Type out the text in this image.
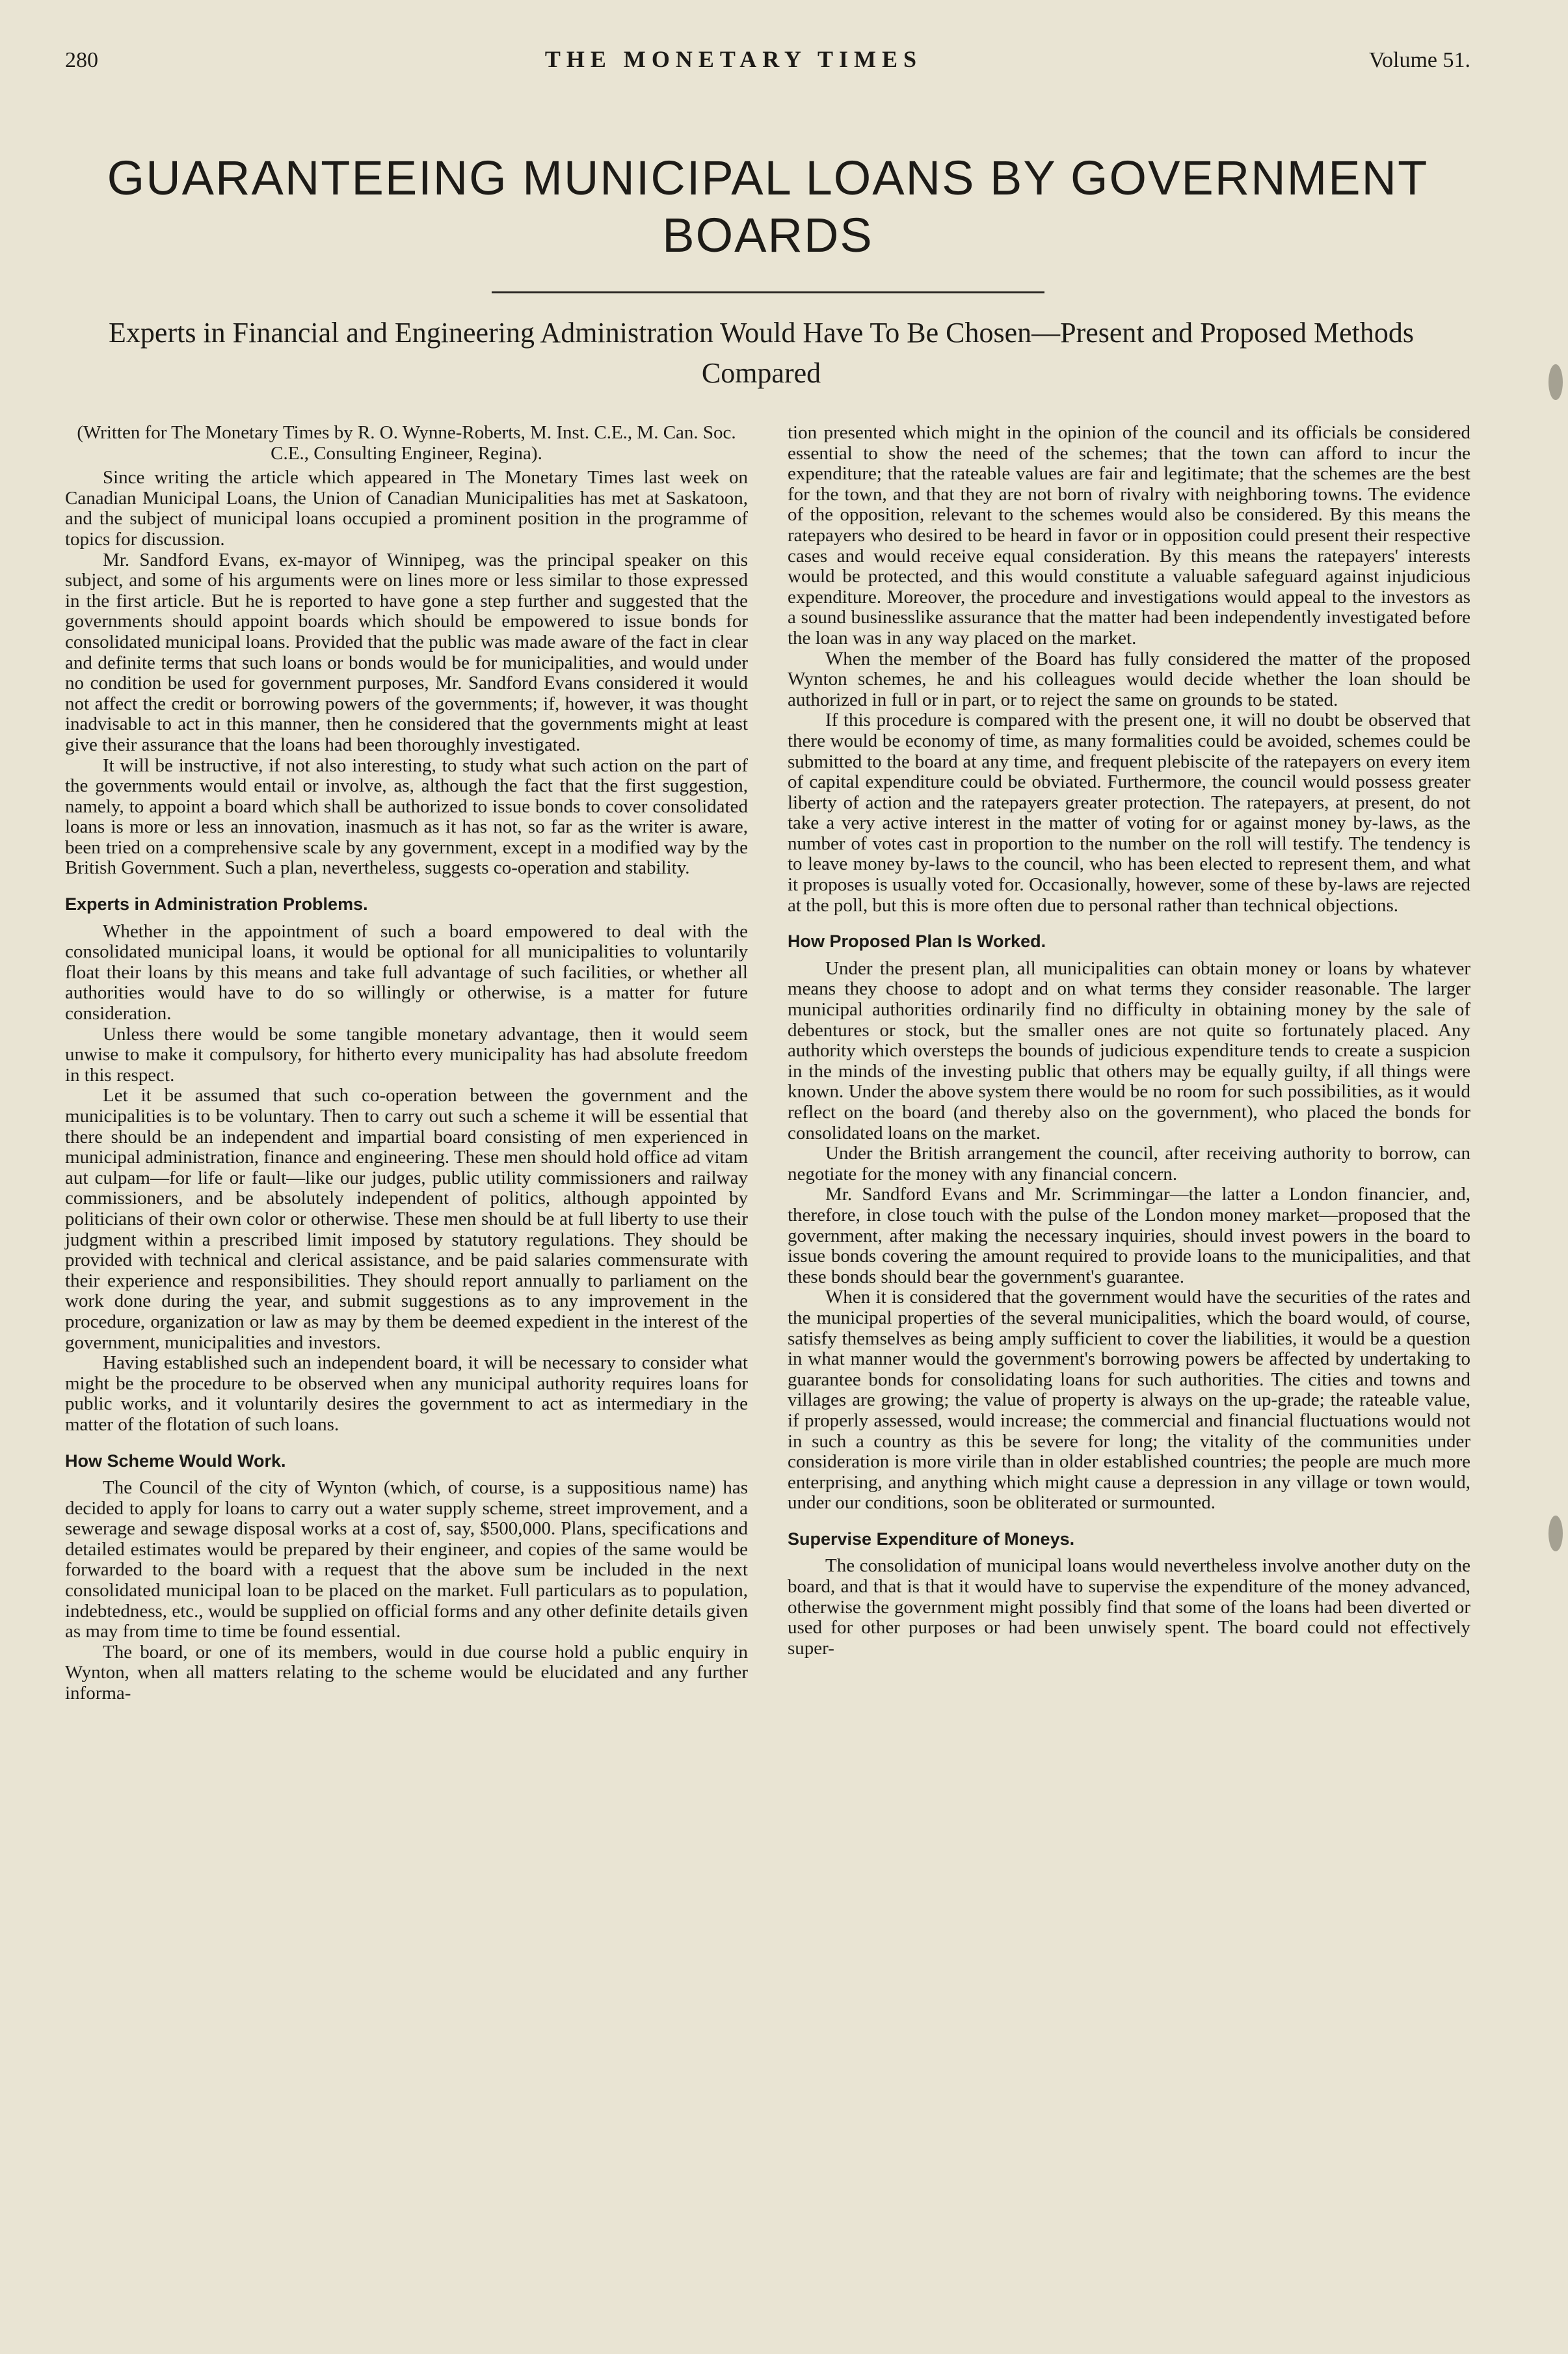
280	THE MONETARY TIMES	Volume 51.
GUARANTEEING MUNICIPAL LOANS BY GOVERNMENT BOARDS
Experts in Financial and Engineering Administration Would Have To Be Chosen—Present and Proposed Methods Compared

(Written for The Monetary Times by R. O. Wynne-Roberts, M. Inst. C.E., M. Can. Soc. C.E., Consulting Engineer, Regina).

Since writing the article which appeared in The Monetary Times last week on Canadian Municipal Loans, the Union of Canadian Municipalities has met at Saskatoon, and the subject of municipal loans occupied a prominent position in the programme of topics for discussion.

Mr. Sandford Evans, ex-mayor of Winnipeg, was the principal speaker on this subject, and some of his arguments were on lines more or less similar to those expressed in the first article. But he is reported to have gone a step further and suggested that the governments should appoint boards which should be empowered to issue bonds for consolidated municipal loans. Provided that the public was made aware of the fact in clear and definite terms that such loans or bonds would be for municipalities, and would under no condition be used for government purposes, Mr. Sandford Evans considered it would not affect the credit or borrowing powers of the governments; if, however, it was thought inadvisable to act in this manner, then he considered that the governments might at least give their assurance that the loans had been thoroughly investigated.

It will be instructive, if not also interesting, to study what such action on the part of the governments would entail or involve, as, although the fact that the first suggestion, namely, to appoint a board which shall be authorized to issue bonds to cover consolidated loans is more or less an innovation, inasmuch as it has not, so far as the writer is aware, been tried on a comprehensive scale by any government, except in a modified way by the British Government. Such a plan, nevertheless, suggests co-operation and stability.

Experts in Administration Problems.

Whether in the appointment of such a board empowered to deal with the consolidated municipal loans, it would be optional for all municipalities to voluntarily float their loans by this means and take full advantage of such facilities, or whether all authorities would have to do so willingly or otherwise, is a matter for future consideration.

Unless there would be some tangible monetary advantage, then it would seem unwise to make it compulsory, for hitherto every municipality has had absolute freedom in this respect.

Let it be assumed that such co-operation between the government and the municipalities is to be voluntary. Then to carry out such a scheme it will be essential that there should be an independent and impartial board consisting of men experienced in municipal administration, finance and engineering. These men should hold office ad vitam aut culpam—for life or fault—like our judges, public utility commissioners and railway commissioners, and be absolutely independent of politics, although appointed by politicians of their own color or otherwise. These men should be at full liberty to use their judgment within a prescribed limit imposed by statutory regulations. They should be provided with technical and clerical assistance, and be paid salaries commensurate with their experience and responsibilities. They should report annually to parliament on the work done during the year, and submit suggestions as to any improvement in the procedure, organization or law as may by them be deemed expedient in the interest of the government, municipalities and investors.

Having established such an independent board, it will be necessary to consider what might be the procedure to be observed when any municipal authority requires loans for public works, and it voluntarily desires the government to act as intermediary in the matter of the flotation of such loans.

How Scheme Would Work.

The Council of the city of Wynton (which, of course, is a suppositious name) has decided to apply for loans to carry out a water supply scheme, street improvement, and a sewerage and sewage disposal works at a cost of, say, $500,000. Plans, specifications and detailed estimates would be prepared by their engineer, and copies of the same would be forwarded to the board with a request that the above sum be included in the next consolidated municipal loan to be placed on the market. Full particulars as to population, indebtedness, etc., would be supplied on official forms and any other definite details given as may from time to time be found essential.

The board, or one of its members, would in due course hold a public enquiry in Wynton, when all matters relating to the scheme would be elucidated and any further informa-

tion presented which might in the opinion of the council and its officials be considered essential to show the need of the schemes; that the town can afford to incur the expenditure; that the rateable values are fair and legitimate; that the schemes are the best for the town, and that they are not born of rivalry with neighboring towns. The evidence of the opposition, relevant to the schemes would also be considered. By this means the ratepayers who desired to be heard in favor or in opposition could present their respective cases and would receive equal consideration. By this means the ratepayers' interests would be protected, and this would constitute a valuable safeguard against injudicious expenditure. Moreover, the procedure and investigations would appeal to the investors as a sound businesslike assurance that the matter had been independently investigated before the loan was in any way placed on the market.

When the member of the Board has fully considered the matter of the proposed Wynton schemes, he and his colleagues would decide whether the loan should be authorized in full or in part, or to reject the same on grounds to be stated.

If this procedure is compared with the present one, it will no doubt be observed that there would be economy of time, as many formalities could be avoided, schemes could be submitted to the board at any time, and frequent plebiscite of the ratepayers on every item of capital expenditure could be obviated. Furthermore, the council would possess greater liberty of action and the ratepayers greater protection. The ratepayers, at present, do not take a very active interest in the matter of voting for or against money by-laws, as the number of votes cast in proportion to the number on the roll will testify. The tendency is to leave money by-laws to the council, who has been elected to represent them, and what it proposes is usually voted for. Occasionally, however, some of these by-laws are rejected at the poll, but this is more often due to personal rather than technical objections.

How Proposed Plan Is Worked.

Under the present plan, all municipalities can obtain money or loans by whatever means they choose to adopt and on what terms they consider reasonable. The larger municipal authorities ordinarily find no difficulty in obtaining money by the sale of debentures or stock, but the smaller ones are not quite so fortunately placed. Any authority which oversteps the bounds of judicious expenditure tends to create a suspicion in the minds of the investing public that others may be equally guilty, if all things were known. Under the above system there would be no room for such possibilities, as it would reflect on the board (and thereby also on the government), who placed the bonds for consolidated loans on the market.

Under the British arrangement the council, after receiving authority to borrow, can negotiate for the money with any financial concern.

Mr. Sandford Evans and Mr. Scrimmingar—the latter a London financier, and, therefore, in close touch with the pulse of the London money market—proposed that the government, after making the necessary inquiries, should invest powers in the board to issue bonds covering the amount required to provide loans to the municipalities, and that these bonds should bear the government's guarantee.

When it is considered that the government would have the securities of the rates and the municipal properties of the several municipalities, which the board would, of course, satisfy themselves as being amply sufficient to cover the liabilities, it would be a question in what manner would the government's borrowing powers be affected by undertaking to guarantee bonds for consolidating loans for such authorities. The cities and towns and villages are growing; the value of property is always on the up-grade; the rateable value, if properly assessed, would increase; the commercial and financial fluctuations would not in such a country as this be severe for long; the vitality of the communities under consideration is more virile than in older established countries; the people are much more enterprising, and anything which might cause a depression in any village or town would, under our conditions, soon be obliterated or surmounted.

Supervise Expenditure of Moneys.

The consolidation of municipal loans would nevertheless involve another duty on the board, and that is that it would have to supervise the expenditure of the money advanced, otherwise the government might possibly find that some of the loans had been diverted or used for other purposes or had been unwisely spent. The board could not effectively super-
